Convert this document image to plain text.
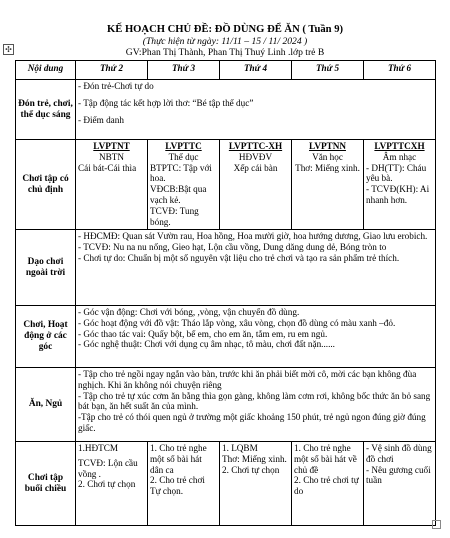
KẾ HOẠCH CHỦ ĐỀ: ĐỒ DÙNG ĐỂ ĂN ( Tuần 9)
(Thực hiện từ ngày: 11/11 – 15 / 11/ 2024 )
GV:Phan Thị Thành, Phan Thị Thuý Linh .lớp trẻ B
✣
Nội dung	Thứ 2	Thứ 3	Thứ 4	Thứ 5	Thứ 6
Đón trẻ, chơi, thể dục sáng	- Đón trẻ-Chơi tự do
- Tập động tác kết hợp lời thơ: “Bé tập thể dục”
- Điểm danh				

Chơi tập có chủ định	LVPTNT
NBTN
Cái bát-Cái thìa	LVPTTC
Thể dục
BTPTC: Tập với hoa.
VĐCB:Bật qua vạch kẻ.
TCVĐ: Tung bóng.	LVPTTC-XH
HĐVĐV
Xếp cái bàn	LVPTNN
Văn học
Thơ: Miếng xinh.	LVPTTCXH
Âm nhạc
- DH(TT): Cháu yêu bà.
- TCVĐ(KH): Ai nhanh hơn.

Dạo chơi ngoài trời	- HĐCMĐ: Quan sát Vườn rau, Hoa hồng, Hoa mười giờ, hoa hướng dương, Giao lưu erobich.
- TCVĐ: Nu na nu nống, Gieo hạt, Lộn cầu vồng, Dung dăng dung dẻ, Bóng tròn to
- Chơi tự do: Chuẩn bị một số nguyên vật liệu cho trẻ chơi và tạo ra sản phẩm trẻ thích.				

Chơi, Hoạt động ở các góc	- Góc vận động: Chơi với bóng, ,vòng, vận chuyển đồ dùng.
- Góc hoạt động với đồ vật: Tháo lắp vòng, xâu vòng, chọn đồ dùng có màu xanh –đỏ.
- Góc thao tác vai: Quấy bột, bế em, cho em ăn, tắm em, ru em ngủ.
- Góc nghệ thuật: Chơi với dụng cụ âm nhạc, tô màu, chơi đất nặn......				

Ăn, Ngủ	- Tập cho trẻ ngồi ngay ngắn vào bàn, trước khi ăn phải biết mời cô, mời các bạn không đùa nghịch. Khi ăn không nói chuyện riêng
- Tập cho trẻ tự xúc cơm ăn bằng thìa gọn gàng, không làm cơm rơi, không bốc thức ăn bỏ sang bát bạn, ăn hết suất ăn của mình.
-Tập cho trẻ có thói quen ngủ ở trường một giấc khoảng 150 phút, trẻ ngủ ngon đúng giờ đúng giấc.				

Chơi tập buổi chiều	1.HĐTCM
TCVĐ: Lộn cầu vồng .
2. Chơi tự chọn	1. Cho trẻ nghe một số bài hát dân ca
2. Cho trẻ chơi Tự chọn.	1. LQBM
Thơ: Miếng xinh.
2. Chơi tự chọn	1. Cho trẻ nghe một số bài hát về chủ đề
2. Cho trẻ chơi tự do	- Vệ sinh đồ dùng đồ chơi
- Nêu gương cuối tuần
